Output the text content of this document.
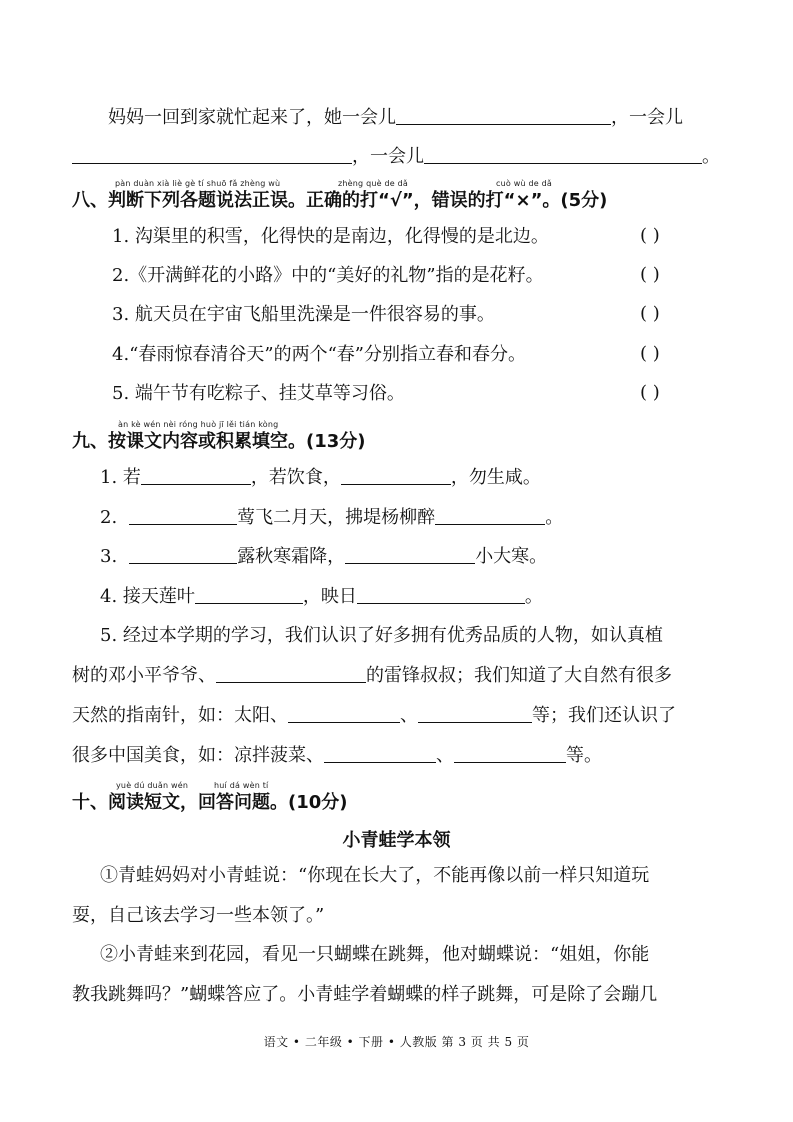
妈妈一回到家就忙起来了，她一会儿	，一会儿
，一会儿	。
pàn duàn xià liè gè tí shuō fǎ zhèng wù	zhèng què de dǎ	cuò wù de dǎ
八、判断下列各题说法正误。正确的打“√”，错误的打“×”。(5分)
1. 沟渠里的积雪，化得快的是南边，化得慢的是北边。	( )
2.《开满鲜花的小路》中的“美好的礼物”指的是花籽。	( )
3. 航天员在宇宙飞船里洗澡是一件很容易的事。	( )
4.“春雨惊春清谷天”的两个“春”分别指立春和春分。	( )
5. 端午节有吃粽子、挂艾草等习俗。	( )
àn kè wén nèi róng huò jī lěi tián kòng
九、按课文内容或积累填空。(13分)
1. 若	，若饮食，	，勿生咸。
2.	莺飞二月天，拂堤杨柳醉	。
3.	露秋寒霜降，	小大寒。
4. 接天莲叶	，映日	。
5. 经过本学期的学习，我们认识了好多拥有优秀品质的人物，如认真植
树的邓小平爷爷、	的雷锋叔叔；我们知道了大自然有很多
天然的指南针，如：太阳、	、	等；我们还认识了
很多中国美食，如：凉拌菠菜、	、	等。
yuè dú duǎn wén	huí dá wèn tí
十、阅读短文，回答问题。(10分)
小青蛙学本领
①青蛙妈妈对小青蛙说：“你现在长大了，不能再像以前一样只知道玩
耍，自己该去学习一些本领了。”
②小青蛙来到花园，看见一只蝴蝶在跳舞，他对蝴蝶说：“姐姐，你能
教我跳舞吗？”蝴蝶答应了。小青蛙学着蝴蝶的样子跳舞，可是除了会蹦几
语文 • 二年级 • 下册 • 人教版 第 3 页 共 5 页
